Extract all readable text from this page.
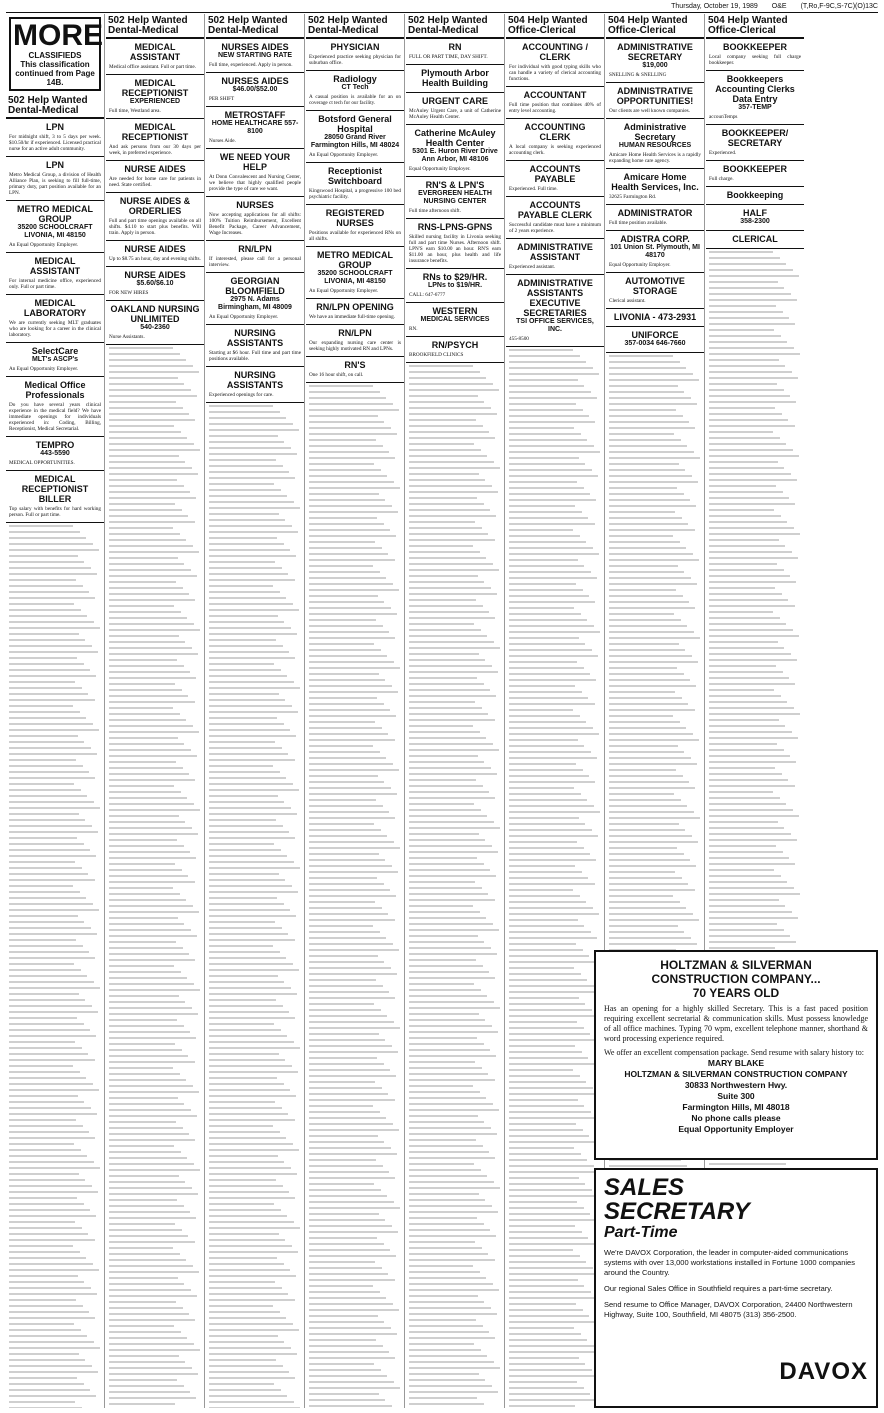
Thursday, October 19, 1989 O&E (T,Ro,F-9C,S-7C)(O)13C
MORE
CLASSIFIEDS
This classification continued from Page 14B.
502 Help Wanted Dental-Medical
LPN
For midnight shift, 3 to 5 days per week. $10.50/hr if experienced. Licensed practical nurse for an active adult community.
LPN
Metro Medical Group, a division of Health Alliance Plan, is seeking to fill full-time, primary duty, part position available for an LPN.
METRO MEDICAL GROUP
35200 SCHOOLCRAFT LIVONIA, MI 48150
An Equal Opportunity Employer.
MEDICAL ASSISTANT
For internal medicine office, experienced only. Full or part time.
MEDICAL LABORATORY
We are currently seeking MLT graduates who are looking for a career in the clinical laboratory.
SelectCare
MLT's ASCP's
An Equal Opportunity Employer.
Medical Office Professionals
Do you have several years clinical experience in the medical field? We have immediate openings for individuals experienced in: Coding, Billing, Receptionist, Medical Secretarial.
TEMPRO
443-5590
MEDICAL OPPORTUNITIES.
MEDICAL RECEPTIONIST BILLER
Top salary with benefits for hard working person. Full or part time.
502 Help Wanted Dental-Medical
MEDICAL ASSISTANT
Medical office assistant. Full or part time.
MEDICAL RECEPTIONIST
EXPERIENCED
Full time, Westland area.
MEDICAL RECEPTIONIST
And ask persons from our 30 days per week, in preferred experience.
NURSE AIDES
Are needed for home care for patients in need. State certified.
NURSE AIDES & ORDERLIES
Full and part time openings available on all shifts. $4.10 to start plus benefits. Will train. Apply in person.
NURSE AIDES
Up to $8.75 an hour, day and evening shifts.
NURSE AIDES
$5.60/$6.10
FOR NEW HIRES
OAKLAND NURSING UNLIMITED
540-2360
Nurse Assistants.
502 Help Wanted Dental-Medical
NURSES AIDES
NEW STARTING RATE
Full time, experienced. Apply in person.
NURSES AIDES
$46.00/$52.00
PER SHIFT
METROSTAFF
HOME HEALTHCARE 557-8100
Nurses Aide.
WE NEED YOUR HELP
At Donn Convalescent and Nursing Center, we believe that highly qualified people provide the type of care we want.
NURSES
Now accepting applications for all shifts: 100% Tuition Reimbursement, Excellent Benefit Package, Career Advancement, Wage Increases.
RN/LPN
If interested, please call for a personal interview.
GEORGIAN BLOOMFIELD
2975 N. Adams Birmingham, MI 48009
An Equal Opportunity Employer.
NURSING ASSISTANTS
Starting at $6 hour. Full time and part time positions available.
NURSING ASSISTANTS
Experienced openings for care.
502 Help Wanted Dental-Medical
PHYSICIAN
Experienced practice seeking physician for suburban office.
Radiology
CT Tech
A casual position is available for an on coverage ct tech for our facility.
Botsford General Hospital
28050 Grand River Farmington Hills, MI 48024
An Equal Opportunity Employer.
Receptionist Switchboard
Kingswood Hospital, a progressive 100 bed psychiatric facility.
REGISTERED NURSES
Positions available for experienced RNs on all shifts.
METRO MEDICAL GROUP
35200 SCHOOLCRAFT LIVONIA, MI 48150
An Equal Opportunity Employer.
RN/LPN OPENING
We have an immediate full-time opening.
RN/LPN
Our expanding nursing care center is seeking highly motivated RN and LPNs.
RN'S
One 16 hour shift, on call.
502 Help Wanted Dental-Medical
RN
FULL OR PART TIME, DAY SHIFT.
Plymouth Arbor Health Building
URGENT CARE
McAuley Urgent Care, a unit of Catherine McAuley Health Center.
Catherine McAuley Health Center
5301 E. Huron River Drive Ann Arbor, MI 48106
Equal Opportunity Employer.
RN'S & LPN'S
EVERGREEN HEALTH NURSING CENTER
Full time afternoon shift.
RNS-LPNS-GPNS
Skilled nursing facility in Livonia seeking full and part time Nurses. Afternoon shift. LPN'S earn $10.00 an hour. RN'S earn $11.00 an hour, plus health and life insurance benefits.
RNs to $29/HR.
LPNs to $19/HR.
CALL: 647-6777
WESTERN
MEDICAL SERVICES
RN.
RN/PSYCH
BROOKFIELD CLINICS
504 Help Wanted Office-Clerical
ACCOUNTING / CLERK
For individual with good typing skills who can handle a variety of clerical accounting functions.
ACCOUNTANT
Full time position that combines 40% of entry level accounting.
ACCOUNTING CLERK
A local company is seeking experienced accounting clerk.
ACCOUNTS PAYABLE
Experienced. Full time.
ACCOUNTS PAYABLE CLERK
Successful candidate must have a minimum of 2 years experience.
ADMINISTRATIVE ASSISTANT
Experienced assistant.
ADMINISTRATIVE ASSISTANTS EXECUTIVE SECRETARIES
TSI OFFICE SERVICES, INC.
455-8500
504 Help Wanted Office-Clerical
ADMINISTRATIVE SECRETARY
$19,000
SNELLING & SNELLING
ADMINISTRATIVE OPPORTUNITIES!
Our clients are well known companies.
Administrative Secretary
HUMAN RESOURCES
Amicare Home Health Services is a rapidly expanding home care agency.
Amicare Home Health Services, Inc.
32625 Farmington Rd.
ADMINISTRATOR
Full time position available.
ADISTRA CORP.
101 Union St. Plymouth, MI 48170
Equal Opportunity Employer.
AUTOMOTIVE STORAGE
Clerical assistant.
LIVONIA - 473-2931
UNIFORCE
357-0034 646-7660
504 Help Wanted Office-Clerical
BOOKKEEPER
Local company seeking full charge bookkeeper.
Bookkeepers Accounting Clerks Data Entry
357-TEMP
accounTemps
BOOKKEEPER/ SECRETARY
Experienced.
BOOKKEEPER
Full charge.
Bookkeeping
HALF
358-2300
CLERICAL
HOLTZMAN & SILVERMAN
CONSTRUCTION COMPANY...
70 YEARS OLD
Has an opening for a highly skilled Secretary. This is a fast paced position requiring excellent secretarial & communication skills. Must possess knowledge of all office machines. Typing 70 wpm, excellent telephone manner, shorthand & word processing experience required.
We offer an excellent compensation package. Send resume with salary history to:
MARY BLAKE
HOLTZMAN & SILVERMAN CONSTRUCTION COMPANY
30833 Northwestern Hwy.
Suite 300
Farmington Hills, MI 48018
No phone calls please
Equal Opportunity Employer
SALES
SECRETARY
Part-Time
We're DAVOX Corporation, the leader in computer-aided communications systems with over 13,000 workstations installed in Fortune 1000 companies around the Country.
Our regional Sales Office in Southfield requires a part-time secretary.
Send resume to Office Manager, DAVOX Corporation, 24400 Northwestern Highway, Suite 100, Southfield, MI 48075 (313) 356-2500.
DAVOX
